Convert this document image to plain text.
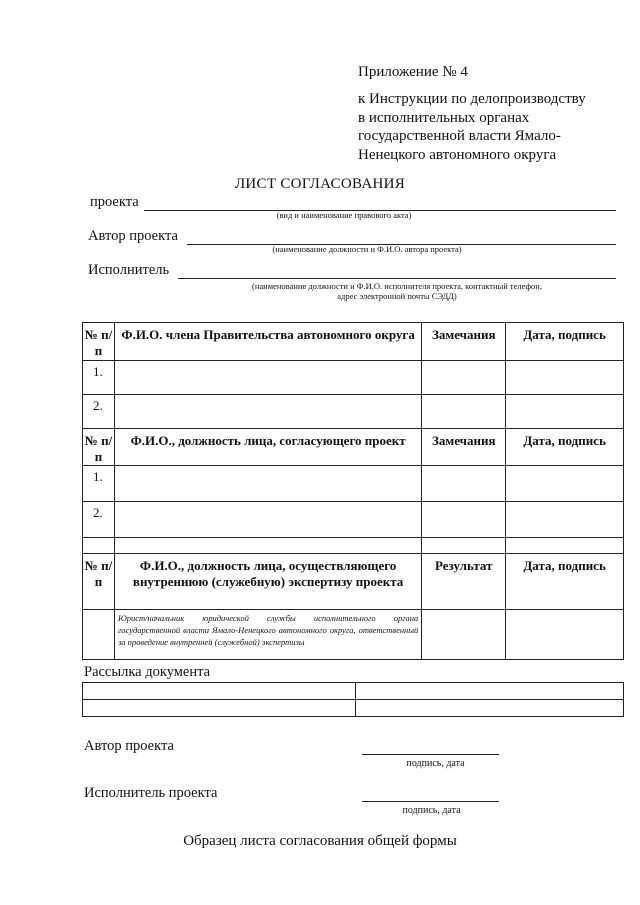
Приложение № 4
к Инструкции по делопроизводству
в исполнительных органах
государственной власти Ямало-
Ненецкого автономного округа
ЛИСТ СОГЛАСОВАНИЯ
проекта
(вид и наименование правового акта)
Автор проекта
(наименование должности и Ф.И.О. автора проекта)
Исполнитель
(наименование должности и Ф.И.О. исполнителя проекта, контактный телефон,
адрес электронной почты СЭДД)
№ п/п	Ф.И.О. члена Правительства автономного округа	Замечания	Дата, подпись
1.			
2.			
№ п/п	Ф.И.О., должность лица, согласующего проект	Замечания	Дата, подпись
1.			
2.			

№ п/п	Ф.И.О., должность лица, осуществляющего внутреннюю (служебную) экспертизу проекта	Результат	Дата, подпись
	Юрист/начальник юридической службы исполнительного органа государственной власти Ямало-Ненецкого автономного округа, ответственный за проведение внутренней (служебной) экспертизы		
Рассылка документа

Автор проекта
подпись, дата
Исполнитель проекта
подпись, дата
Образец листа согласования общей формы
